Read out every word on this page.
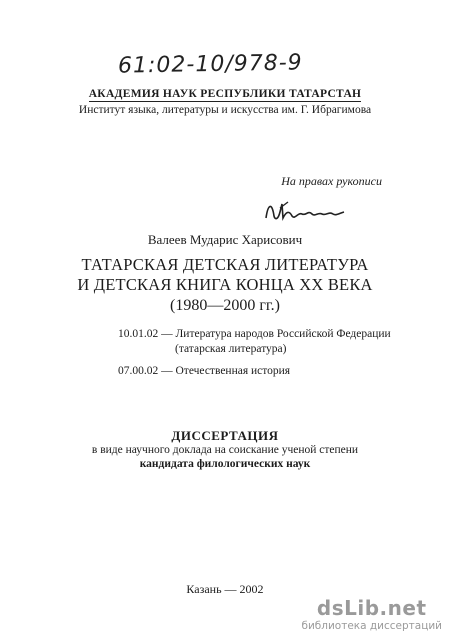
61:02-10/978-9
АКАДЕМИЯ НАУК РЕСПУБЛИКИ ТАТАРСТАН
Институт языка, литературы и искусства им. Г. Ибрагимова
На правах рукописи
Валеев Мударис Харисович
ТАТАРСКАЯ ДЕТСКАЯ ЛИТЕРАТУРА
И ДЕТСКАЯ КНИГА КОНЦА XX ВЕКА
(1980—2000 гг.)
10.01.02 — Литература народов Российской Федерации
(татарская литература)
07.00.02 — Отечественная история
ДИССЕРТАЦИЯ
в виде научного доклада на соискание ученой степени
кандидата филологических наук
Казань — 2002
dsLib.net
библиотека диссертаций
